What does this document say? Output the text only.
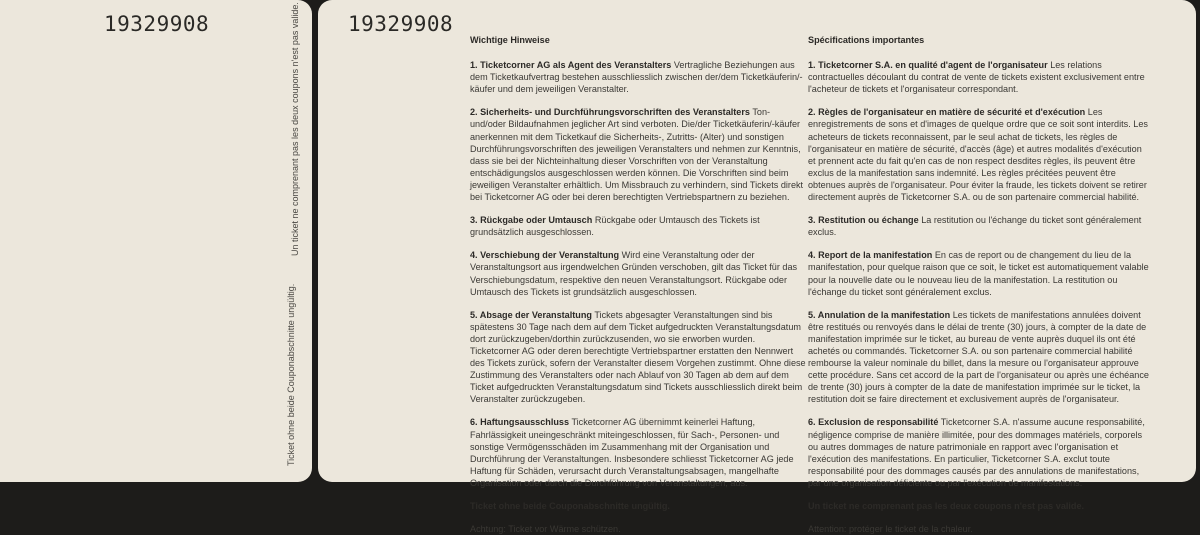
19329908	Un ticket ne comprenant pas les deux coupons n'est pas valide.
Ticket ohne beide Couponabschnitte ungültig.
19329908

Wichtige Hinweise

1. Ticketcorner AG als Agent des Veranstalters Vertragliche Beziehungen aus dem Ticketkaufvertrag bestehen ausschliesslich zwischen der/dem Ticketkäuferin/-käufer und dem jeweiligen Veranstalter.

2. Sicherheits- und Durchführungsvorschriften des Veranstalters Ton- und/oder Bildaufnahmen jeglicher Art sind verboten. Die/der Ticketkäuferin/-käufer anerkennen mit dem Ticketkauf die Sicherheits-, Zutritts- (Alter) und sonstigen Durchführungsvorschriften des jeweiligen Veranstalters und nehmen zur Kenntnis, dass sie bei der Nichteinhaltung dieser Vorschriften von der Veranstaltung entschädigungslos ausgeschlossen werden können. Die Vorschriften sind beim jeweiligen Veranstalter erhältlich. Um Missbrauch zu verhindern, sind Tickets direkt bei Ticketcorner AG oder bei deren berechtigten Vertriebspartnern zu beziehen.

3. Rückgabe oder Umtausch Rückgabe oder Umtausch des Tickets ist grundsätzlich ausgeschlossen.

4. Verschiebung der Veranstaltung Wird eine Veranstaltung oder der Veranstaltungsort aus irgendwelchen Gründen verschoben, gilt das Ticket für das Verschiebungsdatum, respektive den neuen Veranstaltungsort. Rückgabe oder Umtausch des Tickets ist grundsätzlich ausgeschlossen.

5. Absage der Veranstaltung Tickets abgesagter Veranstaltungen sind bis spätestens 30 Tage nach dem auf dem Ticket aufgedruckten Veranstaltungsdatum dort zurückzugeben/dorthin zurückzusenden, wo sie erworben wurden. Ticketcorner AG oder deren berechtigte Vertriebspartner erstatten den Nennwert des Tickets zurück, sofern der Veranstalter diesem Vorgehen zustimmt. Ohne diese Zustimmung des Veranstalters oder nach Ablauf von 30 Tagen ab dem auf dem Ticket aufgedruckten Veranstaltungsdatum sind Tickets ausschliesslich direkt beim Veranstalter zurückzugeben.

6. Haftungsausschluss Ticketcorner AG übernimmt keinerlei Haftung, Fahrlässigkeit uneingeschränkt miteingeschlossen, für Sach-, Personen- und sonstige Vermögensschäden im Zusammenhang mit der Organisation und Durchführung der Veranstaltungen. Insbesondere schliesst Ticketcorner AG jede Haftung für Schäden, verursacht durch Veranstaltungsabsagen, mangelhafte Organisation oder durch die Durchführung von Veranstaltungen, aus.

Ticket ohne beide Couponabschnitte ungültig.

Achtung: Ticket vor Wärme schützen.

Spécifications importantes

1. Ticketcorner S.A. en qualité d'agent de l'organisateur Les relations contractuelles découlant du contrat de vente de tickets existent exclusivement entre l'acheteur de tickets et l'organisateur correspondant.

2. Règles de l'organisateur en matière de sécurité et d'exécution Les enregistrements de sons et d'images de quelque ordre que ce soit sont interdits. Les acheteurs de tickets reconnaissent, par le seul achat de tickets, les règles de l'organisateur en matière de sécurité, d'accès (âge) et autres modalités d'exécution et prennent acte du fait qu'en cas de non respect desdites règles, ils peuvent être exclus de la manifestation sans indemnité. Les règles précitées peuvent être obtenues auprès de l'organisateur. Pour éviter la fraude, les tickets doivent se retirer directement auprès de Ticketcorner S.A. ou de son partenaire commercial habilité.

3. Restitution ou échange La restitution ou l'échange du ticket sont généralement exclus.

4. Report de la manifestation En cas de report ou de changement du lieu de la manifestation, pour quelque raison que ce soit, le ticket est automatiquement valable pour la nouvelle date ou le nouveau lieu de la manifestation. La restitution ou l'échange du ticket sont généralement exclus.

5. Annulation de la manifestation Les tickets de manifestations annulées doivent être restitués ou renvoyés dans le délai de trente (30) jours, à compter de la date de manifestation imprimée sur le ticket, au bureau de vente auprès duquel ils ont été achetés ou commandés. Ticketcorner S.A. ou son partenaire commercial habilité rembourse la valeur nominale du billet, dans la mesure ou l'organisateur approuve cette procédure. Sans cet accord de la part de l'organisateur ou après une échéance de trente (30) jours à compter de la date de manifestation imprimée sur le ticket, la restitution doit se faire directement et exclusivement auprès de l'organisateur.

6. Exclusion de responsabilité Ticketcorner S.A. n'assume aucune responsabilité, négligence comprise de manière illimitée, pour des dommages matériels, corporels ou autres dommages de nature patrimoniale en rapport avec l'organisation et l'exécution des manifestations. En particulier, Ticketcorner S.A. exclut toute responsabilité pour des dommages causés par des annulations de manifestations, par une organisation déficiente ou par l'exécution de manifestations.

Un ticket ne comprenant pas les deux coupons n'est pas valide.

Attention: protéger le ticket de la chaleur.
